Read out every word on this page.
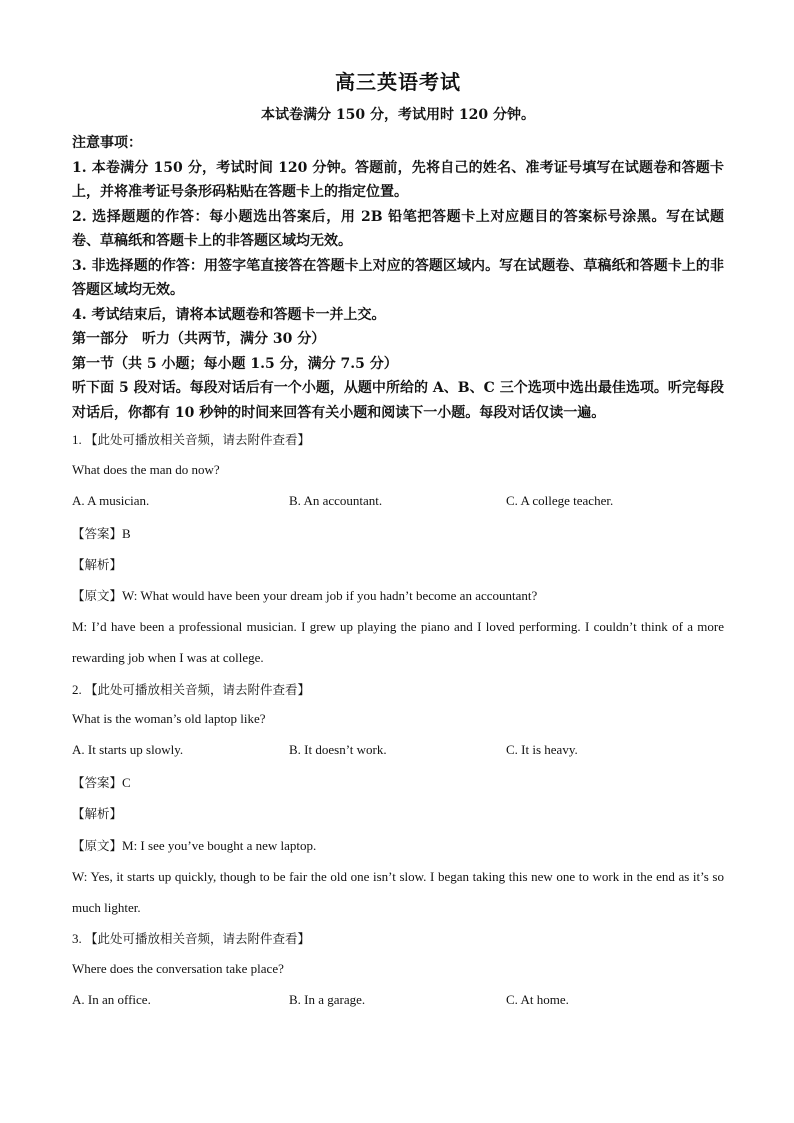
高三英语考试
本试卷满分 150 分，考试用时 120 分钟。
注意事项：
1. 本卷满分 150 分，考试时间 120 分钟。答题前，先将自己的姓名、准考证号填写在试题卷和答题卡上，并将准考证号条形码粘贴在答题卡上的指定位置。
2. 选择题题的作答：每小题选出答案后，用 2B 铅笔把答题卡上对应题目的答案标号涂黑。写在试题卷、草稿纸和答题卡上的非答题区域均无效。
3. 非选择题的作答：用签字笔直接答在答题卡上对应的答题区域内。写在试题卷、草稿纸和答题卡上的非答题区域均无效。
4. 考试结束后，请将本试题卷和答题卡一并上交。
第一部分　听力（共两节，满分 30 分）
第一节（共 5 小题；每小题 1.5 分，满分 7.5 分）
听下面 5 段对话。每段对话后有一个小题，从题中所给的 A、B、C 三个选项中选出最佳选项。听完每段对话后，你都有 10 秒钟的时间来回答有关小题和阅读下一小题。每段对话仅读一遍。
1. 【此处可播放相关音频，请去附件查看】
What does the man do now?
A. A musician.	B. An accountant.	C. A college teacher.
【答案】B
【解析】
【原文】W: What would have been your dream job if you hadn’t become an accountant?
M: I’d have been a professional musician. I grew up playing the piano and I loved performing. I couldn’t think of a more rewarding job when I was at college.
2. 【此处可播放相关音频，请去附件查看】
What is the woman’s old laptop like?
A. It starts up slowly.	B. It doesn’t work.	C. It is heavy.
【答案】C
【解析】
【原文】M: I see you’ve bought a new laptop.
W: Yes, it starts up quickly, though to be fair the old one isn’t slow. I began taking this new one to work in the end as it’s so much lighter.
3. 【此处可播放相关音频，请去附件查看】
Where does the conversation take place?
A. In an office.	B. In a garage.	C. At home.
